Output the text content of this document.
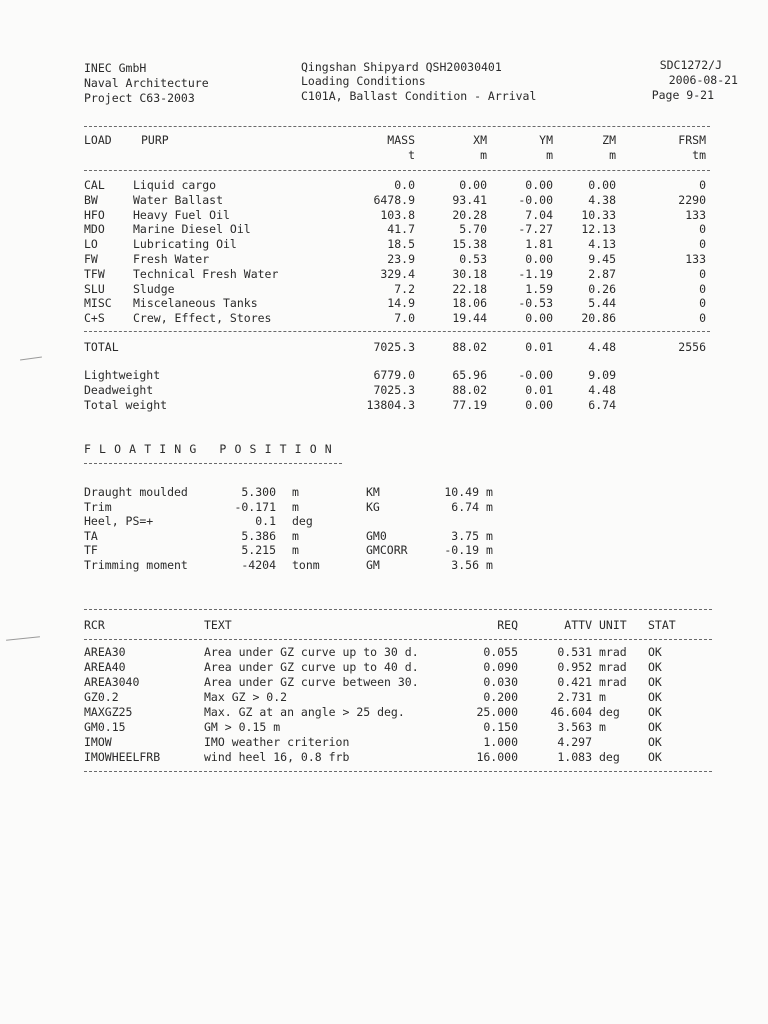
INEC GmbH
Naval Architecture
Project C63-2003
Qingshan Shipyard QSH20030401
Loading Conditions
C101A, Ballast Condition - Arrival
SDC1272/J
2006-08-21
Page 9-21
LOAD	PURP	MASS	XM	YM	ZM	FRSM
t	m	m	m	tm
CAL Liquid cargo	0.0	0.00	0.00	0.00	0
BW	Water Ballast	6478.9	93.41	-0.00	4.38	2290
HFO Heavy Fuel Oil	103.8	20.28	7.04 10.33	133
MDO Marine Diesel Oil	41.7	5.70	-7.27 12.13	0
LO	Lubricating Oil	18.5	15.38	1.81	4.13	0
FW	Fresh Water	23.9	0.53	0.00	9.45	133
TFW Technical Fresh Water	329.4	30.18	-1.19	2.87	0
SLU Sludge	7.2	22.18	1.59	0.26	0
MISC Miscelaneous Tanks	14.9	18.06	-0.53	5.44	0
C+S Crew, Effect, Stores	7.0	19.44	0.00 20.86	0
TOTAL	7025.3	88.02	0.01	4.48	2556
Lightweight	6779.0	65.96	-0.00	9.09
Deadweight	7025.3	88.02	0.01	4.48
Total weight	13804.3	77.19	0.00	6.74
F L O A T I N G   P O S I T I O N
Draught moulded	5.300 m
Trim	-0.171 m
Heel, PS=+	0.1 deg
TA	5.386 m
TF	5.215 m
Trimming moment	-4204 tonm
KM	10.49 m
KG	6.74 m
GM0	3.75 m
GMCORR	-0.19 m
GM	3.56 m
RCR	TEXT	REQ	ATTV UNIT STAT
AREA30	Area under GZ curve up to 30 d.	0.055	0.531 mrad OK
AREA40	Area under GZ curve up to 40 d.	0.090	0.952 mrad OK
AREA3040	Area under GZ curve between 30.	0.030	0.421 mrad OK
GZ0.2	Max GZ > 0.2	0.200	2.731 m	OK
MAXGZ25	Max. GZ at an angle > 25 deg.	25.000	46.604 deg OK
GM0.15	GM > 0.15 m	0.150	3.563 m	OK
IMOW	IMO weather criterion	1.000	4.297	OK
IMOWHEELFRB	wind heel 16, 0.8 frb	16.000	1.083 deg OK
